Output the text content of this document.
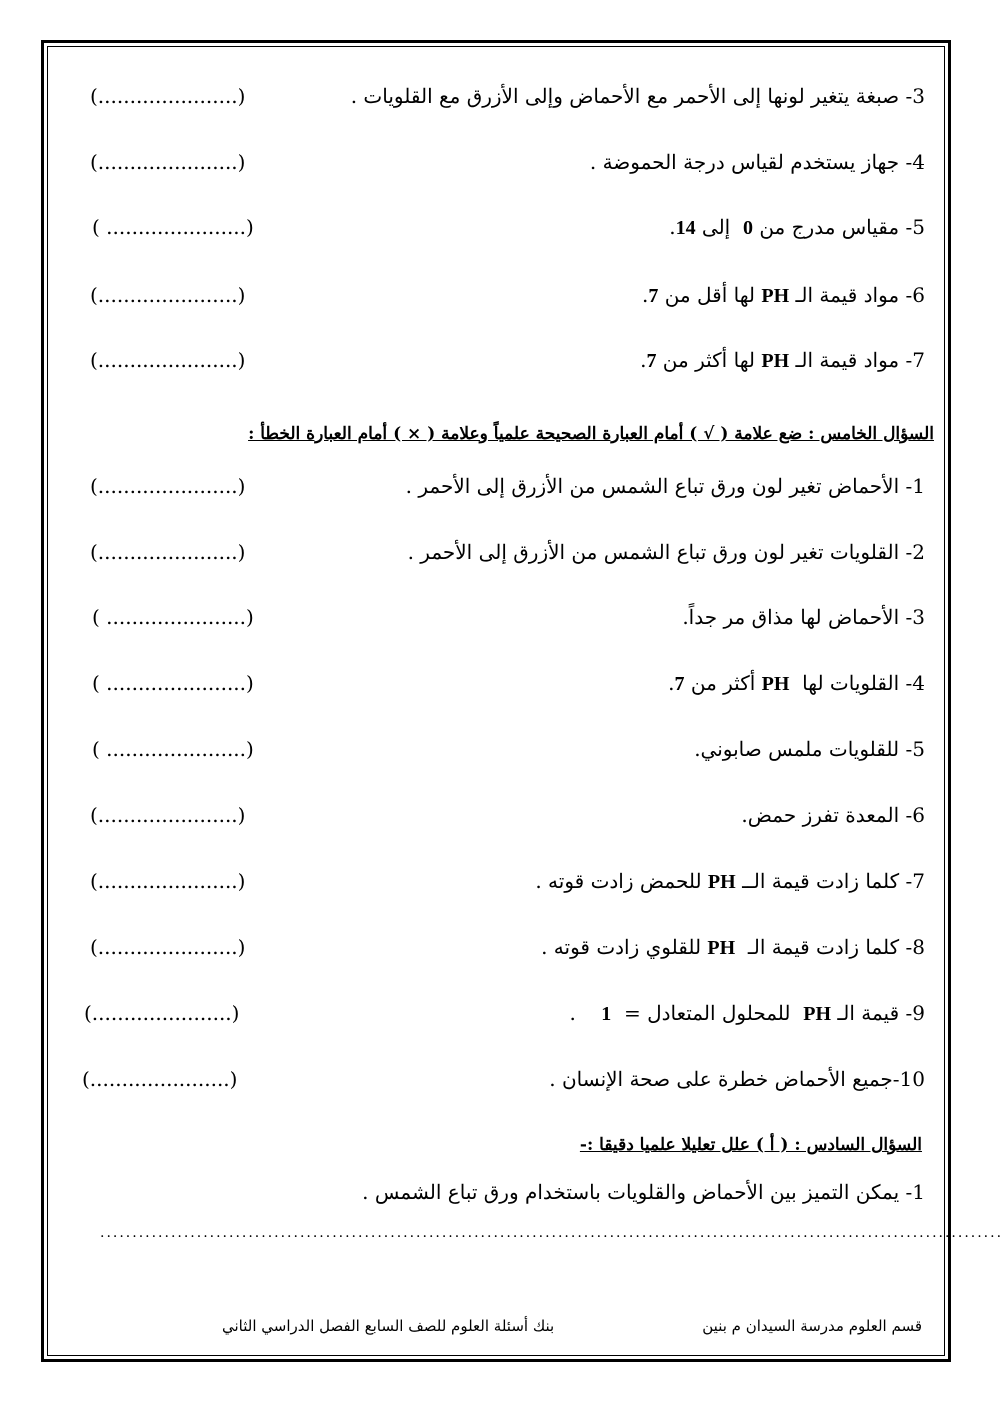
3- صبغة يتغير لونها إلى الأحمر مع الأحماض وإلى الأزرق مع القلويات .
(......................)
4- جهاز يستخدم لقياس درجة الحموضة .
(......................)
5- مقياس مدرج من 0  إلى 14.
( ......................)
6- مواد قيمة الـ PH لها أقل من 7.
(......................)
7- مواد قيمة الـ PH لها أكثر من 7.
(......................)
السؤال الخامس : ضع علامة ( √ ) أمام العبارة الصحيحة علمياً وعلامة ( × ) أمام العبارة الخطأ :
1- الأحماض تغير لون ورق تباع الشمس من الأزرق إلى الأحمر .
(......................)
2- القلويات تغير لون ورق تباع الشمس من الأزرق إلى الأحمر .
(......................)
3- الأحماض لها مذاق مر جداً.
( ......................)
4- القلويات لها  PH أكثر من 7.
( ......................)
5- للقلويات ملمس صابوني.
( ......................)
6- المعدة تفرز حمض.
(......................)
7- كلما زادت قيمة الــ PH للحمض زادت قوته .
(......................)
8- كلما زادت قيمة الـ  PH للقلوي زادت قوته .
(......................)
9- قيمة الـ PH  للمحلول المتعادل =  1    .
(......................)
10-جميع الأحماض خطرة على صحة الإنسان .
(......................)
السؤال السادس : ( أ ) علل تعليلا علميا دقيقا :-
1- يمكن التميز بين الأحماض والقلويات باستخدام ورق تباع الشمس .
............................................................................................................................................
قسم العلوم مدرسة السيدان م بنين
بنك أسئلة العلوم للصف السابع الفصل الدراسي الثاني
